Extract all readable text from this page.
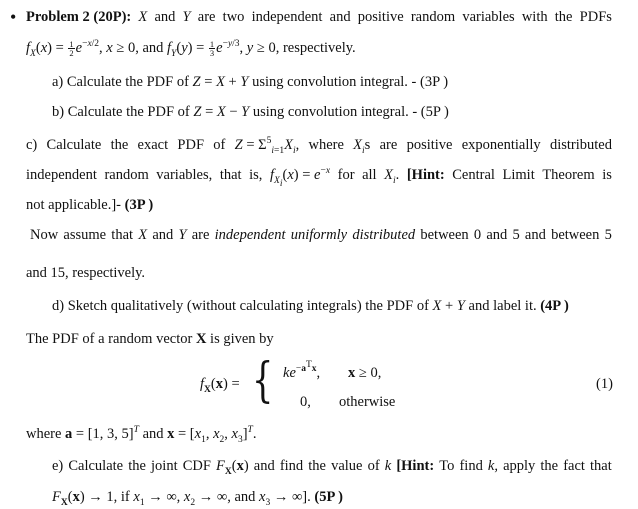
• Problem 2 (20P): X and Y are two independent and positive random variables with the PDFs
$f_X(x) = \frac{1}{2} e^{-x/2}$, x ≥ 0, and $f_Y(y) = \frac{1}{3} e^{-y/3}$, y ≥ 0, respectively.
a) Calculate the PDF of Z = X + Y using convolution integral. - (3P )
b) Calculate the PDF of Z = X − Y using convolution integral. - (5P )
c) Calculate the exact PDF of $Z = \Sigma^5_{i=1}X_i$, where $X_is$ are positive exponentially distributed
independent random variables, that is, $f_{X_i}(x) = e^{-x}$ for all $X_i$. [Hint: Central Limit Theorem is
not applicable.]- (3P )
Now assume that X and Y are independent uniformly distributed between 0 and 5 and between 5
and 15, respectively.
d) Sketch qualitatively (without calculating integrals) the PDF of X + Y and label it. (4P )
The PDF of a random vector X is given by
$f_X(x)$ = { $ke^{-a^Tx}$, x ≥ 0,
0, otherwise
(1)
where a = [1, 3, 5]$^T$ and $x = [x_1$, $x_2$, $x_3]^T$.
e) Calculate the joint CDF $F_X(x)$ and find the value of k [Hint: To find k, apply the fact that
$F_X(x) \to 1$, if $x_1$ → ∞, $x_2$ → ∞, and $x_3$ → ∞]. (5P )
